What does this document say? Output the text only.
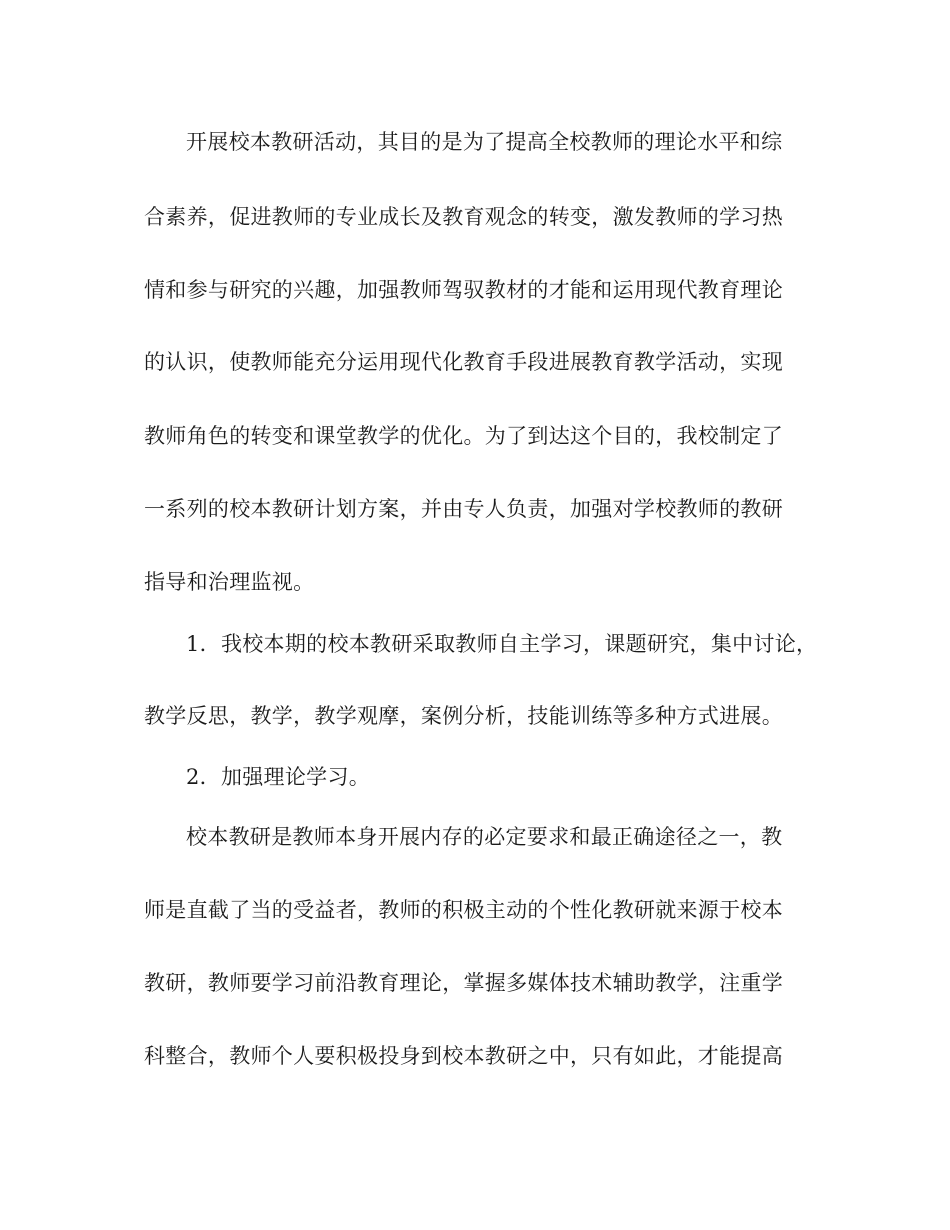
开展校本教研活动，其目的是为了提高全校教师的理论水平和综
合素养，促进教师的专业成长及教育观念的转变，激发教师的学习热
情和参与研究的兴趣，加强教师驾驭教材的才能和运用现代教育理论
的认识，使教师能充分运用现代化教育手段进展教育教学活动，实现
教师角色的转变和课堂教学的优化。为了到达这个目的，我校制定了
一系列的校本教研计划方案，并由专人负责，加强对学校教师的教研
指导和治理监视。
1．我校本期的校本教研采取教师自主学习，课题研究，集中讨论，
教学反思，教学，教学观摩，案例分析，技能训练等多种方式进展。
2．加强理论学习。
校本教研是教师本身开展内存的必定要求和最正确途径之一，教
师是直截了当的受益者，教师的积极主动的个性化教研就来源于校本
教研，教师要学习前沿教育理论，掌握多媒体技术辅助教学，注重学
科整合，教师个人要积极投身到校本教研之中，只有如此，才能提高
